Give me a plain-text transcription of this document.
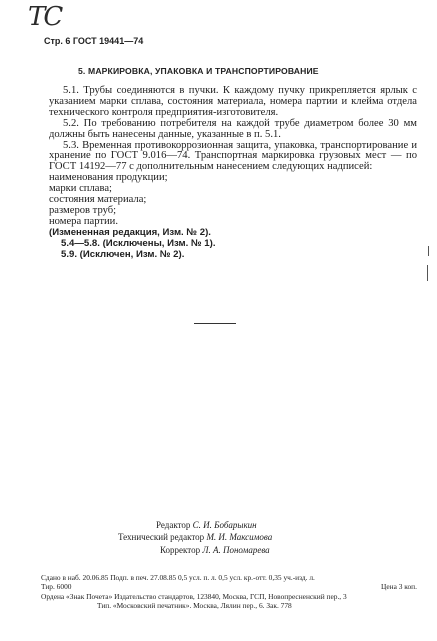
ТС
Стр. 6 ГОСТ 19441—74
5. МАРКИРОВКА, УПАКОВКА И ТРАНСПОРТИРОВАНИЕ

5.1. Трубы соединяются в пучки. К каждому пучку прикрепляется ярлык с указанием марки сплава, состояния материала, номера партии и клейма отдела технического контроля предприятия-изготовителя.

5.2. По требованию потребителя на каждой трубе диаметром более 30 мм должны быть нанесены данные, указанные в п. 5.1.

5.3. Временная противокоррозионная защита, упаковка, транспортирование и хранение по ГОСТ 9.016—74. Транспортная маркировка грузовых мест — по ГОСТ 14192—77 с дополнительным нанесением следующих надписей:

наименования продукции;

марки сплава;

состояния материала;

размеров труб;

номера партии.

(Измененная редакция, Изм. № 2).

5.4—5.8. (Исключены, Изм. № 1).

5.9. (Исключен, Изм. № 2).

Редактор С. И. Бобарыкин
Технический редактор М. И. Максимова
Корректор Л. А. Пономарева
Сдано в наб. 20.06.85 Подп. в печ. 27.08.85 0,5 усл. п. л. 0,5 усл. кр.-отт. 0,35 уч.-изд. л.
Тир. 6000	Цена 3 коп.
Ордена «Знак Почета» Издательство стандартов, 123840, Москва, ГСП, Новопресненский пер., 3
Тип. «Московский печатник». Москва, Лялин пер., 6. Зак. 778
